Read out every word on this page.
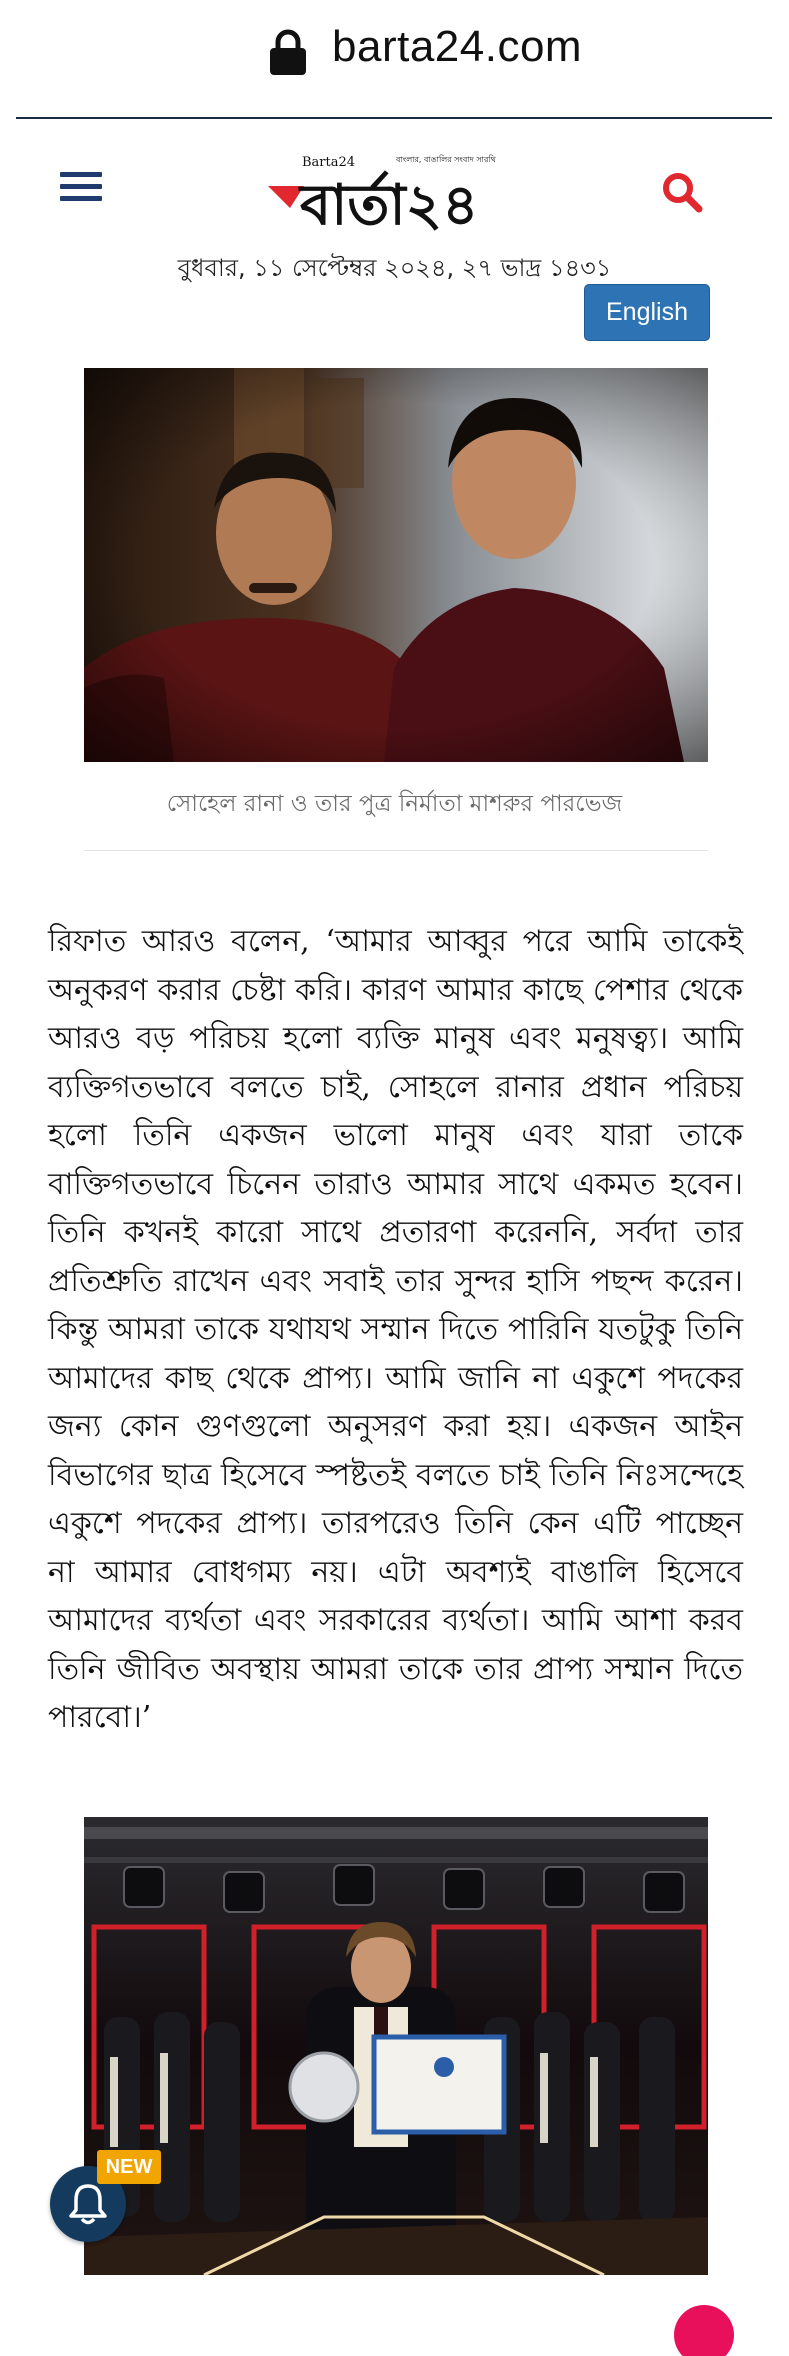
barta24.com
Barta24	বাংলার, বাঙালির সংবাদ সারথি
বার্তা২৪
বুধবার, ১১ সেপ্টেম্বর ২০২৪, ২৭ ভাদ্র ১৪৩১
English
সোহেল রানা ও তার পুত্র নির্মাতা মাশরুর পারভেজ

রিফাত আরও বলেন, ‘আমার আব্বুর পরে আমি তাকেই অনুকরণ করার চেষ্টা করি। কারণ আমার কাছে পেশার থেকে আরও বড় পরিচয় হলো ব্যক্তি মানুষ এবং মনুষত্ব্য। আমি ব্যক্তিগতভাবে বলতে চাই, সোহলে রানার প্রধান পরিচয় হলো তিনি একজন ভালো মানুষ এবং যারা তাকে বাক্তিগতভাবে চিনেন তারাও আমার সাথে একমত হবেন। তিনি কখনই কারো সাথে প্রতারণা করেননি, সর্বদা তার প্রতিশ্রুতি রাখেন এবং সবাই তার সুন্দর হাসি পছন্দ করেন। কিন্তু আমরা তাকে যথাযথ সম্মান দিতে পারিনি যতটুকু তিনি আমাদের কাছ থেকে প্রাপ্য। আমি জানি না একুশে পদকের জন্য কোন গুণগুলো অনুসরণ করা হয়। একজন আইন বিভাগের ছাত্র হিসেবে স্পষ্টতই বলতে চাই তিনি নিঃসন্দেহে একুশে পদকের প্রাপ্য। তারপরেও তিনি কেন এটি পাচ্ছেন না আমার বোধগম্য নয়। এটা অবশ্যই বাঙালি হিসেবে আমাদের ব্যর্থতা এবং সরকারের ব্যর্থতা। আমি আশা করব তিনি জীবিত অবস্থায় আমরা তাকে তার প্রাপ্য সম্মান দিতে পারবো।’

NEW
